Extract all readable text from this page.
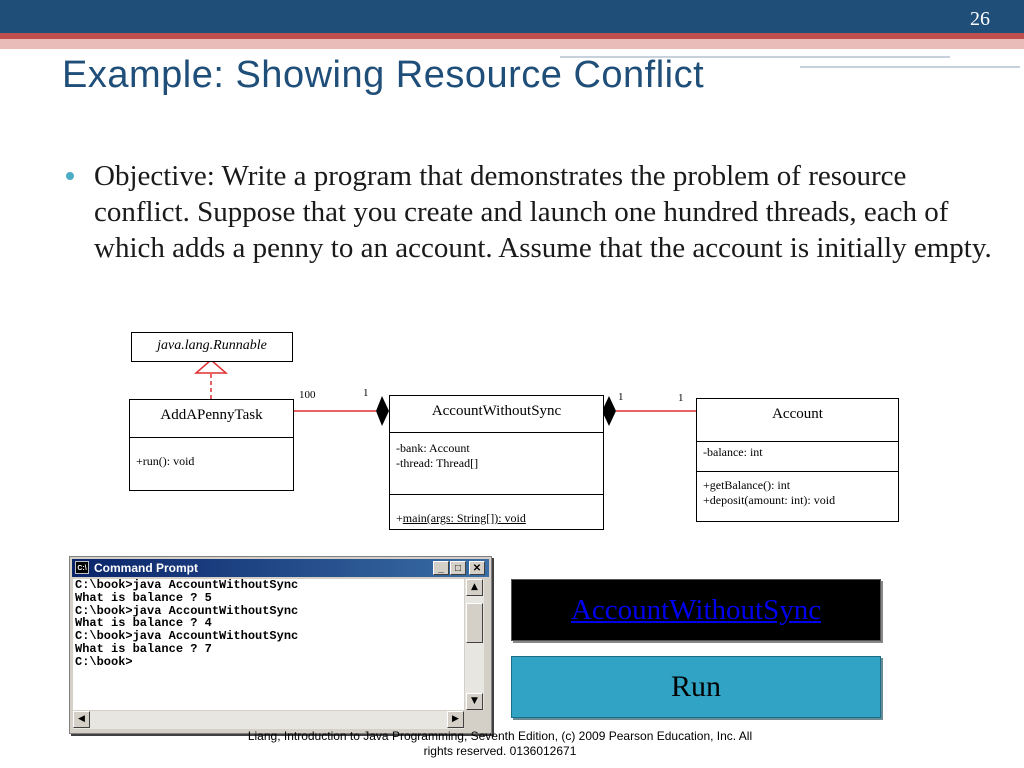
26
Example: Showing Resource Conflict
Objective: Write a program that demonstrates the problem of resource conflict. Suppose that you create and launch one hundred threads, each of which adds a penny to an account. Assume that the account is initially empty.
java.lang.Runnable
AddAPennyTask
+run(): void
AccountWithoutSync
-bank: Account
-thread: Thread[]
+main(args: String[]): void
Account
-balance: int
+getBalance(): int
+deposit(amount: int): void
100	1	1	1
C:\ Command Prompt	_	□	✕
C:\book>java AccountWithoutSync
What is balance ? 5
C:\book>java AccountWithoutSync
What is balance ? 4
C:\book>java AccountWithoutSync
What is balance ? 7
C:\book>
▲
▼
◀	▶
AccountWithoutSync
Run
Liang, Introduction to Java Programming, Seventh Edition, (c) 2009 Pearson Education, Inc. All
rights reserved. 0136012671
